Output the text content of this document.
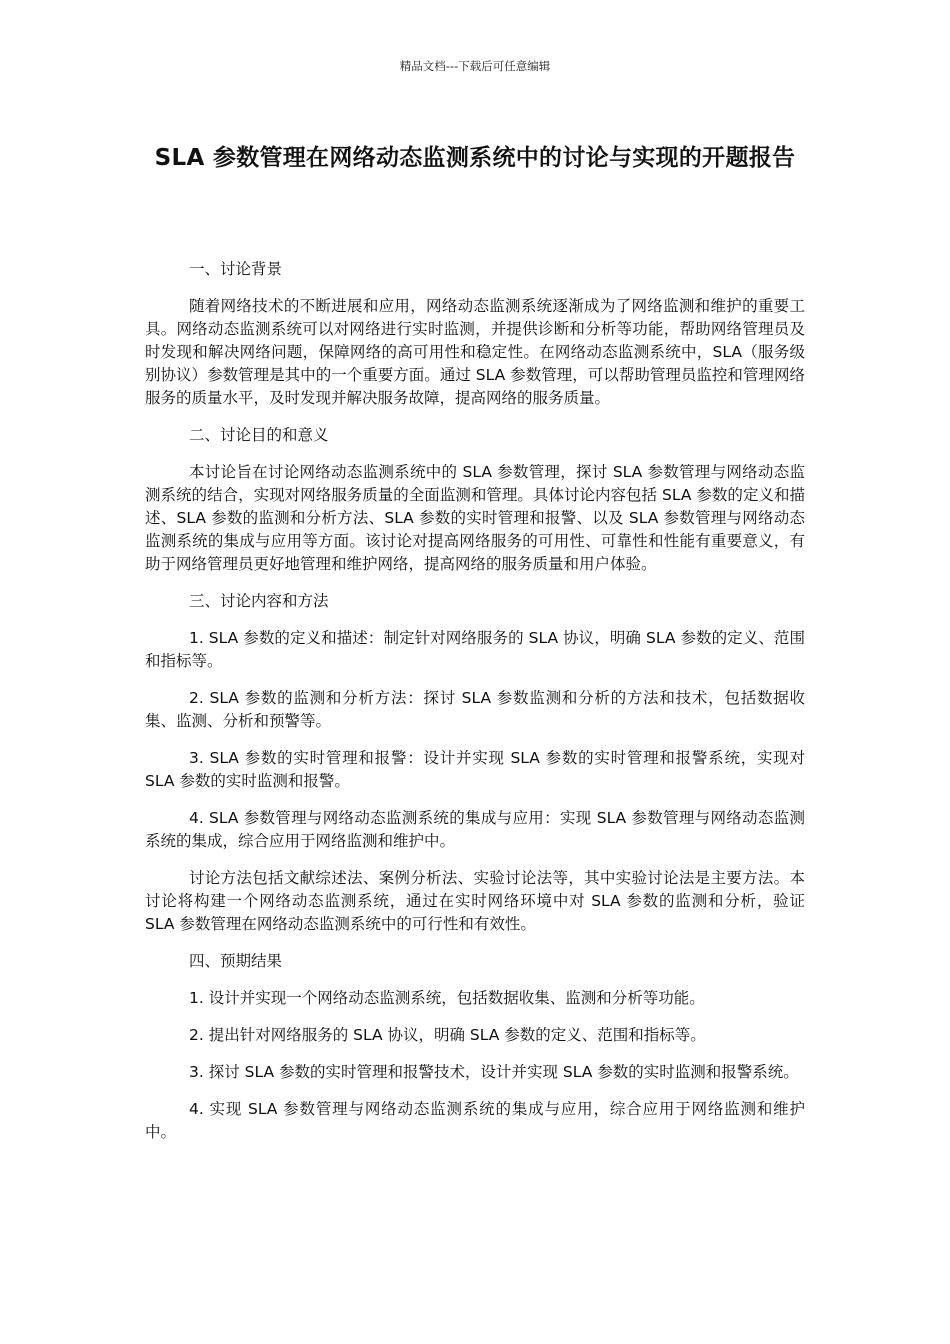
精品文档---下载后可任意编辑
SLA 参数管理在网络动态监测系统中的讨论与实现的开题报告
一、讨论背景
随着网络技术的不断进展和应用，网络动态监测系统逐渐成为了网络监测和维护的重要工具。网络动态监测系统可以对网络进行实时监测，并提供诊断和分析等功能，帮助网络管理员及时发现和解决网络问题，保障网络的高可用性和稳定性。在网络动态监测系统中，SLA（服务级别协议）参数管理是其中的一个重要方面。通过 SLA 参数管理，可以帮助管理员监控和管理网络服务的质量水平，及时发现并解决服务故障，提高网络的服务质量。
二、讨论目的和意义
本讨论旨在讨论网络动态监测系统中的 SLA 参数管理，探讨 SLA 参数管理与网络动态监测系统的结合，实现对网络服务质量的全面监测和管理。具体讨论内容包括 SLA 参数的定义和描述、SLA 参数的监测和分析方法、SLA 参数的实时管理和报警、以及 SLA 参数管理与网络动态监测系统的集成与应用等方面。该讨论对提高网络服务的可用性、可靠性和性能有重要意义，有助于网络管理员更好地管理和维护网络，提高网络的服务质量和用户体验。
三、讨论内容和方法
1. SLA 参数的定义和描述：制定针对网络服务的 SLA 协议，明确 SLA 参数的定义、范围和指标等。
2. SLA 参数的监测和分析方法：探讨 SLA 参数监测和分析的方法和技术，包括数据收集、监测、分析和预警等。
3. SLA 参数的实时管理和报警：设计并实现 SLA 参数的实时管理和报警系统，实现对 SLA 参数的实时监测和报警。
4. SLA 参数管理与网络动态监测系统的集成与应用：实现 SLA 参数管理与网络动态监测系统的集成，综合应用于网络监测和维护中。
讨论方法包括文献综述法、案例分析法、实验讨论法等，其中实验讨论法是主要方法。本讨论将构建一个网络动态监测系统，通过在实时网络环境中对 SLA 参数的监测和分析，验证 SLA 参数管理在网络动态监测系统中的可行性和有效性。
四、预期结果
1. 设计并实现一个网络动态监测系统，包括数据收集、监测和分析等功能。
2. 提出针对网络服务的 SLA 协议，明确 SLA 参数的定义、范围和指标等。
3. 探讨 SLA 参数的实时管理和报警技术，设计并实现 SLA 参数的实时监测和报警系统。
4. 实现 SLA 参数管理与网络动态监测系统的集成与应用，综合应用于网络监测和维护中。
